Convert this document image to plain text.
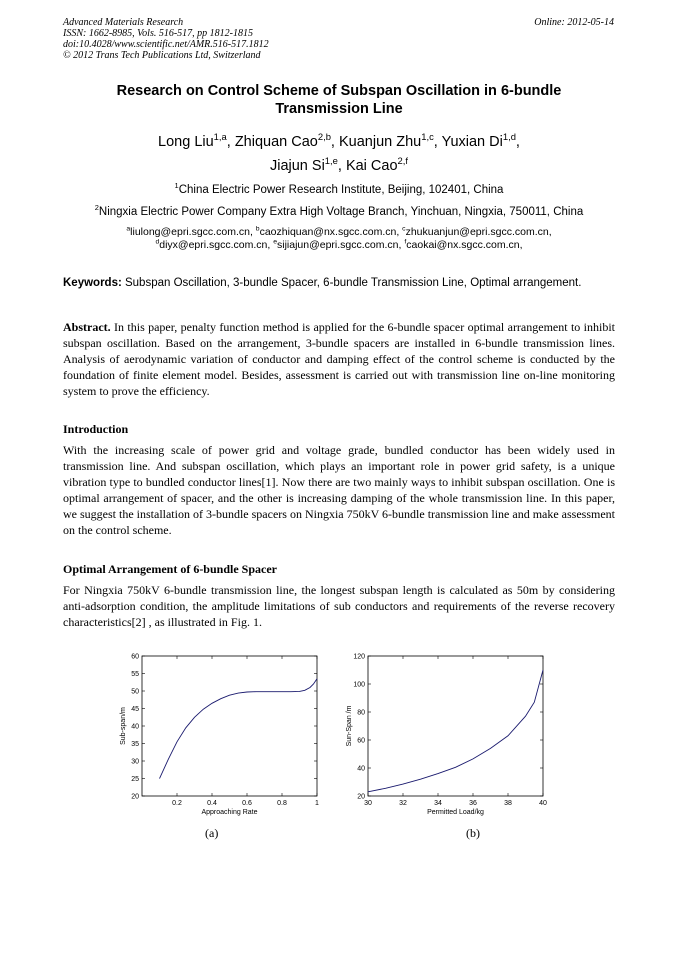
Advanced Materials Research
ISSN: 1662-8985, Vols. 516-517, pp 1812-1815
doi:10.4028/www.scientific.net/AMR.516-517.1812
© 2012 Trans Tech Publications Ltd, Switzerland
Online: 2012-05-14
Research on Control Scheme of Subspan Oscillation in 6-bundle
Transmission Line
Long Liu$^{1,a}$, Zhiquan Cao$^{2,b}$, Kuanjun Zhu$^{1,c}$, Yuxian Di$^{1,d}$,
Jiajun Si$^{1,e}$, Kai Cao$^{2,f}$
$^1$China Electric Power Research Institute, Beijing, 102401, China
$^2$Ningxia Electric Power Company Extra High Voltage Branch, Yinchuan, Ningxia, 750011, China
$^a$liulong@epri.sgcc.com.cn, $^b$caozhiquan@nx.sgcc.com.cn, $^c$zhukuanjun@epri.sgcc.com.cn,
$^d$diyx@epri.sgcc.com.cn, $^e$sijiajun@epri.sgcc.com.cn, $^f$caokai@nx.sgcc.com.cn,
Keywords: Subspan Oscillation, 3-bundle Spacer, 6-bundle Transmission Line, Optimal arrangement.
Abstract. In this paper, penalty function method is applied for the 6-bundle spacer optimal arrangement to inhibit subspan oscillation. Based on the arrangement, 3-bundle spacers are installed in 6-bundle transmission lines. Analysis of aerodynamic variation of conductor and damping effect of the control scheme is conducted by the foundation of finite element model. Besides, assessment is carried out with transmission line on-line monitoring system to prove the efficiency.
Introduction
With the increasing scale of power grid and voltage grade, bundled conductor has been widely used in transmission line. And subspan oscillation, which plays an important role in power grid safety, is a unique vibration type to bundled conductor lines[1]. Now there are two mainly ways to inhibit subspan oscillation. One is optimal arrangement of spacer, and the other is increasing damping of the whole transmission line. In this paper, we suggest the installation of 3-bundle spacers on Ningxia 750kV 6-bundle transmission line and make assessment on the control scheme.
Optimal Arrangement of 6-bundle Spacer
For Ningxia 750kV 6-bundle transmission line, the longest subspan length is calculated as 50m by considering anti-adsorption condition, the amplitude limitations of sub conductors and requirements of the reverse recovery characteristics[2] , as illustrated in Fig. 1.
0.2	0.4	0.6	0.8	1
20
25
30
35
40
45
50
55
60
Approaching Rate
Sub-span/m
30	32	34	36	38	40
20
40
60
80
100
120
Permitted Load/kg
Sun-Span /m
(a)	(b)
